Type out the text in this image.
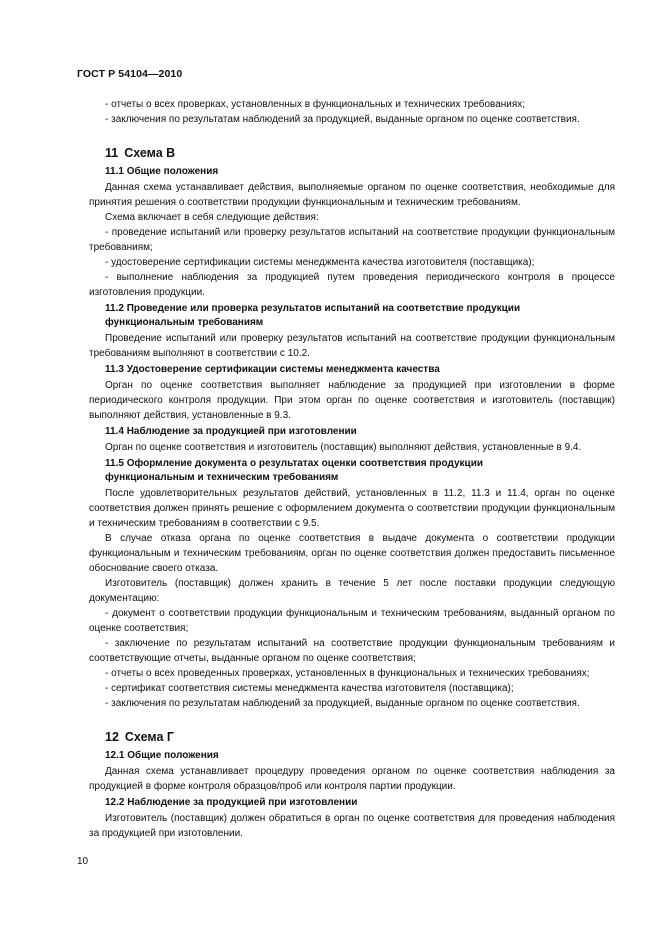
ГОСТ Р 54104—2010

- отчеты о всех проверках, установленных в функциональных и технических требованиях;

- заключения по результатам наблюдений за продукцией, выданные органом по оценке соответствия.

11 Схема В
11.1 Общие положения

Данная схема устанавливает действия, выполняемые органом по оценке соответствия, необходимые для принятия решения о соответствии продукции функциональным и техническим требованиям.

Схема включает в себя следующие действия:

- проведение испытаний или проверку результатов испытаний на соответствие продукции функциональным требованиям;

- удостоверение сертификации системы менеджмента качества изготовителя (поставщика);

- выполнение наблюдения за продукцией путем проведения периодического контроля в процессе изготовления продукции.

11.2 Проведение или проверка результатов испытаний на соответствие продукции
функциональным требованиям

Проведение испытаний или проверку результатов испытаний на соответствие продукции функциональным требованиям выполняют в соответствии с 10.2.

11.3 Удостоверение сертификации системы менеджмента качества

Орган по оценке соответствия выполняет наблюдение за продукцией при изготовлении в форме периодического контроля продукции. При этом орган по оценке соответствия и изготовитель (поставщик) выполняют действия, установленные в 9.3.

11.4 Наблюдение за продукцией при изготовлении

Орган по оценке соответствия и изготовитель (поставщик) выполняют действия, установленные в 9.4.

11.5 Оформление документа о результатах оценки соответствия продукции
функциональным и техническим требованиям

После удовлетворительных результатов действий, установленных в 11.2, 11.3 и 11.4, орган по оценке соответствия должен принять решение с оформлением документа о соответствии продукции функциональным и техническим требованиям в соответствии с 9.5.

В случае отказа органа по оценке соответствия в выдаче документа о соответствии продукции функциональным и техническим требованиям, орган по оценке соответствия должен предоставить письменное обоснование своего отказа.

Изготовитель (поставщик) должен хранить в течение 5 лет после поставки продукции следующую документацию:

- документ о соответствии продукции функциональным и техническим требованиям, выданный органом по оценке соответствия;

- заключение по результатам испытаний на соответствие продукции функциональным требованиям и соответствующие отчеты, выданные органом по оценке соответствия;

- отчеты о всех проведенных проверках, установленных в функциональных и технических требованиях;

- сертификат соответствия системы менеджмента качества изготовителя (поставщика);

- заключения по результатам наблюдений за продукцией, выданные органом по оценке соответствия.

12 Схема Г
12.1 Общие положения

Данная схема устанавливает процедуру проведения органом по оценке соответствия наблюдения за продукцией в форме контроля образцов/проб или контроля партии продукции.

12.2 Наблюдение за продукцией при изготовлении

Изготовитель (поставщик) должен обратиться в орган по оценке соответствия для проведения наблюдения за продукцией при изготовлении.

10
